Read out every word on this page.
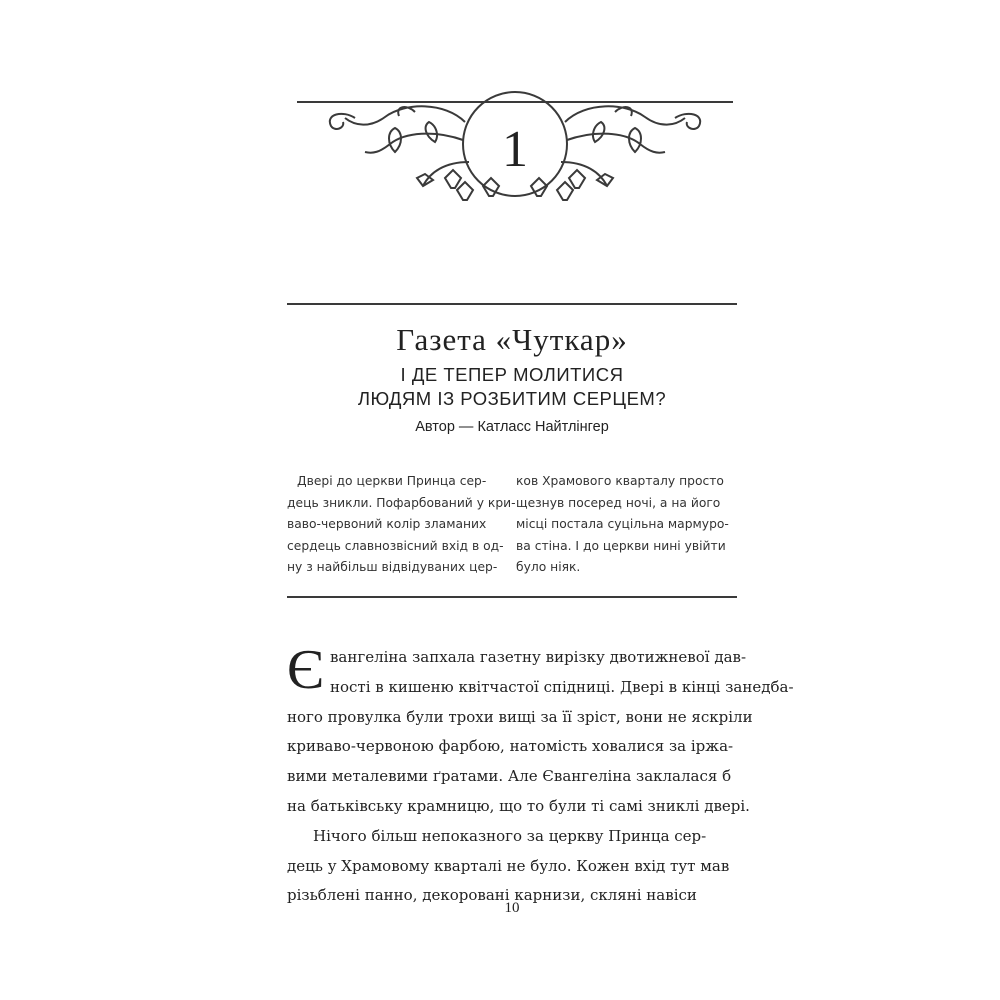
1
Газета «Чуткар»
І ДЕ ТЕПЕР МОЛИТИСЯ
ЛЮДЯМ ІЗ РОЗБИТИМ СЕРЦЕМ?
Автор — Катласс Найтлінгер
Двері до церкви Принца сер-
дець зникли. Пофарбований у кри-
ваво-червоний колір зламаних
сердець славнозвісний вхід в од-
ну з найбільш відвідуваних цер-
ков Храмового кварталу просто
щезнув посеред ночі, а на його
місці постала суцільна мармуро-
ва стіна. І до церкви нині увійти
було ніяк.
Є вангеліна запхала газетну вирізку двотижневої дав-
ності в кишеню квітчастої спідниці. Двері в кінці занедба-
ного провулка були трохи вищі за її зріст, вони не яскріли
криваво-червоною фарбою, натомість ховалися за іржа-
вими металевими ґратами. Але Євангеліна заклалася б
на батьківську крамницю, що то були ті самі зниклі двері.
Нічого більш непоказного за церкву Принца сер-
дець у Храмовому кварталі не було. Кожен вхід тут мав
різьблені панно, декоровані карнизи, скляні навіси
10
